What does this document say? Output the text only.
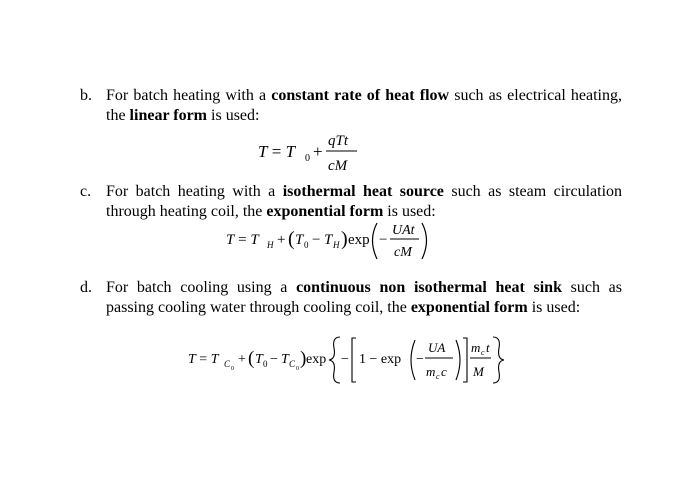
b. For batch heating with a constant rate of heat flow such as electrical heating, the linear form is used:
T = T 0 +
qTt
cM
c. For batch heating with a isothermal heat source such as steam circulation through heating coil, the exponential form is used:
T = T H + ( T 0 − T H ) exp −
UAt
cM
d. For batch cooling using a continuous non isothermal heat sink such as passing cooling water through cooling coil, the exponential form is used:
T = T C 0
+ ( T 0 − T C 0 ) exp − 1 − exp −
UA
m c c
m c t
M
